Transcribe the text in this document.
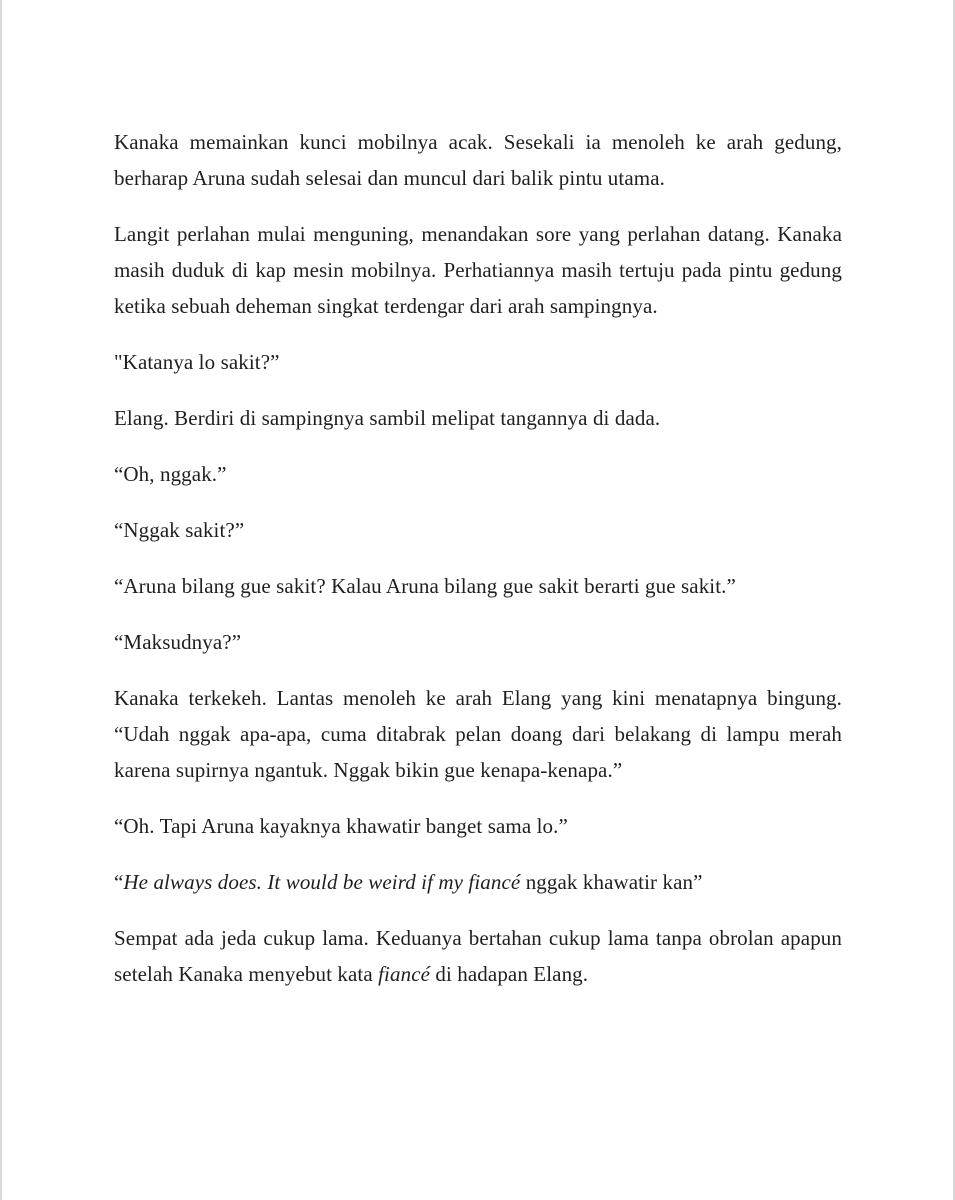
Kanaka memainkan kunci mobilnya acak. Sesekali ia menoleh ke arah gedung, berharap Aruna sudah selesai dan muncul dari balik pintu utama.

Langit perlahan mulai menguning, menandakan sore yang perlahan datang. Kanaka masih duduk di kap mesin mobilnya. Perhatiannya masih tertuju pada pintu gedung ketika sebuah deheman singkat terdengar dari arah sampingnya.

"Katanya lo sakit?”

Elang. Berdiri di sampingnya sambil melipat tangannya di dada.

“Oh, nggak.”

“Nggak sakit?”

“Aruna bilang gue sakit? Kalau Aruna bilang gue sakit berarti gue sakit.”

“Maksudnya?”

Kanaka terkekeh. Lantas menoleh ke arah Elang yang kini menatapnya bingung. “Udah nggak apa-apa, cuma ditabrak pelan doang dari belakang di lampu merah karena supirnya ngantuk. Nggak bikin gue kenapa-kenapa.”

“Oh. Tapi Aruna kayaknya khawatir banget sama lo.”

“He always does. It would be weird if my fiancé nggak khawatir kan”

Sempat ada jeda cukup lama. Keduanya bertahan cukup lama tanpa obrolan apapun setelah Kanaka menyebut kata fiancé di hadapan Elang.
